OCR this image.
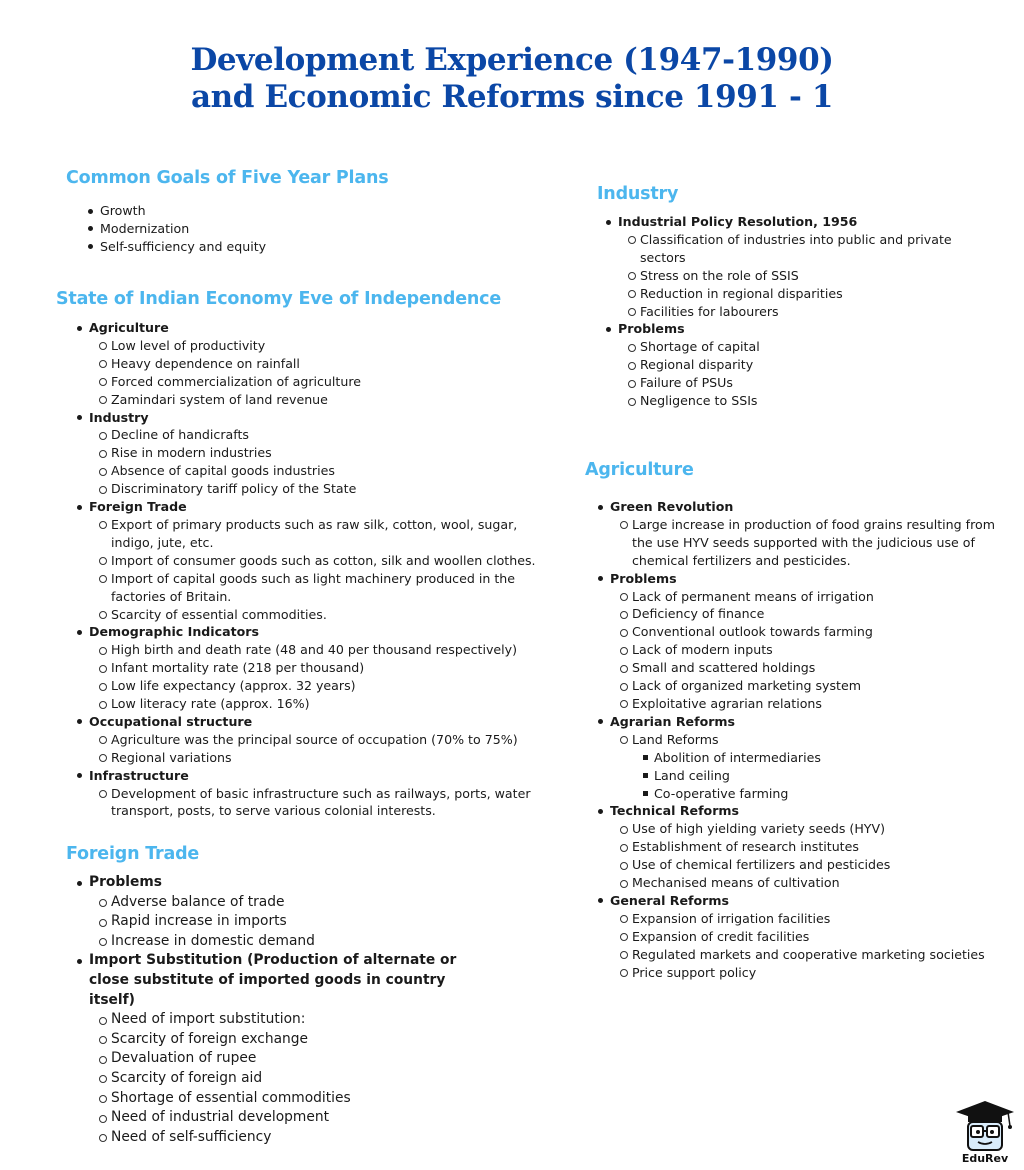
Development Experience (1947-1990)
and Economic Reforms since 1991 - 1
Common Goals of Five Year Plans
Growth
Modernization
Self-sufficiency and equity
State of Indian Economy Eve of Independence
Agriculture
Low level of productivity
Heavy dependence on rainfall
Forced commercialization of agriculture
Zamindari system of land revenue
Industry
Decline of handicrafts
Rise in modern industries
Absence of capital goods industries
Discriminatory tariff policy of the State
Foreign Trade
Export of primary products such as raw silk, cotton, wool, sugar, indigo, jute, etc.
Import of consumer goods such as cotton, silk and woollen clothes.
Import of capital goods such as light machinery produced in the factories of Britain.
Scarcity of essential commodities.
Demographic Indicators
High birth and death rate (48 and 40 per thousand respectively)
Infant mortality rate (218 per thousand)
Low life expectancy (approx. 32 years)
Low literacy rate (approx. 16%)
Occupational structure
Agriculture was the principal source of occupation (70% to 75%)
Regional variations
Infrastructure
Development of basic infrastructure such as railways, ports, water transport, posts, to serve various colonial interests.
Foreign Trade
Problems
Adverse balance of trade
Rapid increase in imports
Increase in domestic demand
Import Substitution (Production of alternate or close substitute of imported goods in country itself)
Need of import substitution:
Scarcity of foreign exchange
Devaluation of rupee
Scarcity of foreign aid
Shortage of essential commodities
Need of industrial development
Need of self-sufficiency
Industry
Industrial Policy Resolution, 1956
Classification of industries into public and private sectors
Stress on the role of SSIS
Reduction in regional disparities
Facilities for labourers
Problems
Shortage of capital
Regional disparity
Failure of PSUs
Negligence to SSIs
Agriculture
Green Revolution
Large increase in production of food grains resulting from the use HYV seeds supported with the judicious use of chemical fertilizers and pesticides.
Problems
Lack of permanent means of irrigation
Deficiency of finance
Conventional outlook towards farming
Lack of modern inputs
Small and scattered holdings
Lack of organized marketing system
Exploitative agrarian relations
Agrarian Reforms
Land Reforms
Abolition of intermediaries
Land ceiling
Co-operative farming
Technical Reforms
Use of high yielding variety seeds (HYV)
Establishment of research institutes
Use of chemical fertilizers and pesticides
Mechanised means of cultivation
General Reforms
Expansion of irrigation facilities
Expansion of credit facilities
Regulated markets and cooperative marketing societies
Price support policy
EduRev
